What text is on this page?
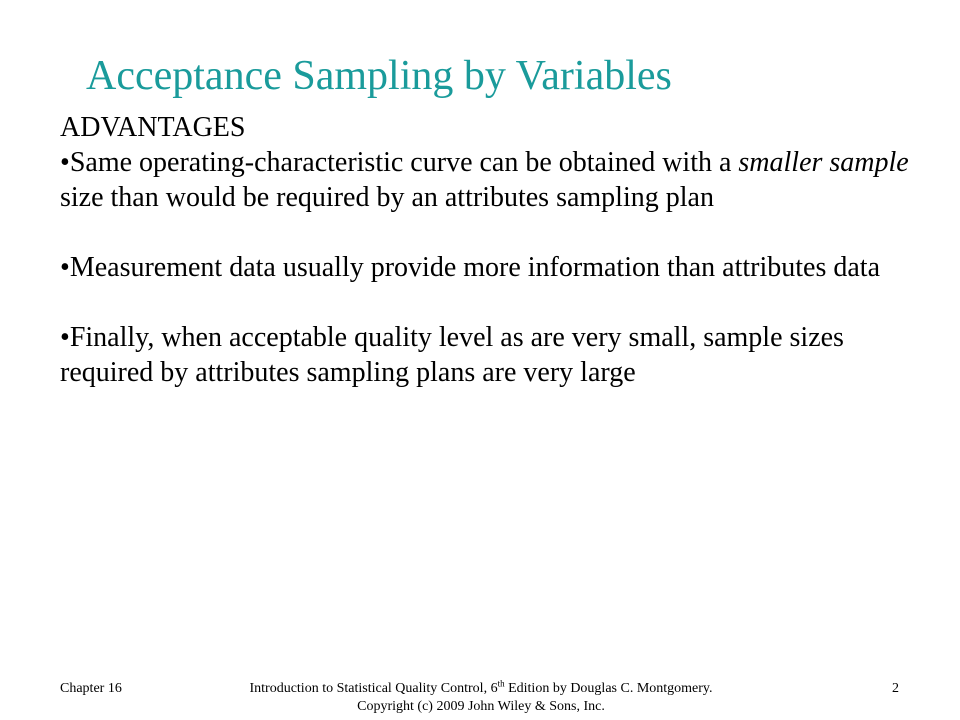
Acceptance Sampling by Variables

ADVANTAGES

•Same operating-characteristic curve can be obtained with a smaller sample size than would be required by an attributes sampling plan

•Measurement data usually provide more information than attributes data

•Finally, when acceptable quality level as are very small, sample sizes required by attributes sampling plans are very large

Chapter 16	Introduction to Statistical Quality Control, 6th Edition by Douglas C. Montgomery.
Copyright (c) 2009 John Wiley & Sons, Inc.
2
